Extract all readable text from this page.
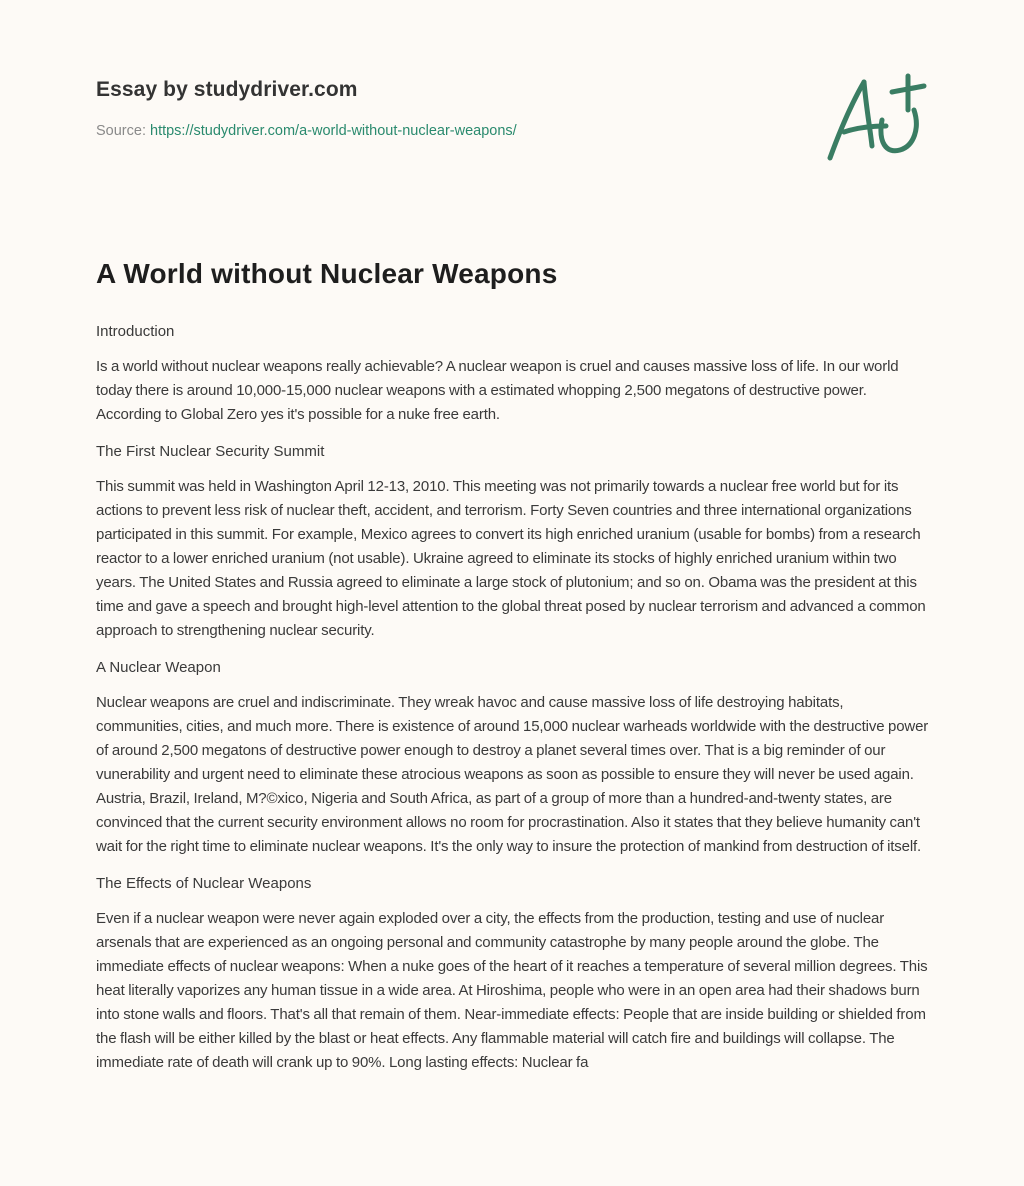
Essay by studydriver.com
Source: https://studydriver.com/a-world-without-nuclear-weapons/
A World without Nuclear Weapons

Introduction

Is a world without nuclear weapons really achievable? A nuclear weapon is cruel and causes massive loss of life. In our world today there is around 10,000-15,000 nuclear weapons with a estimated whopping 2,500 megatons of destructive power. According to Global Zero yes it's possible for a nuke free earth.

The First Nuclear Security Summit

This summit was held in Washington April 12-13, 2010. This meeting was not primarily towards a nuclear free world but for its actions to prevent less risk of nuclear theft, accident, and terrorism. Forty Seven countries and three international organizations participated in this summit. For example, Mexico agrees to convert its high enriched uranium (usable for bombs) from a research reactor to a lower enriched uranium (not usable). Ukraine agreed to eliminate its stocks of highly enriched uranium within two years. The United States and Russia agreed to eliminate a large stock of plutonium; and so on. Obama was the president at this time and gave a speech and brought high-level attention to the global threat posed by nuclear terrorism and advanced a common approach to strengthening nuclear security.

A Nuclear Weapon

Nuclear weapons are cruel and indiscriminate. They wreak havoc and cause massive loss of life destroying habitats, communities, cities, and much more. There is existence of around 15,000 nuclear warheads worldwide with the destructive power of around 2,500 megatons of destructive power enough to destroy a planet several times over. That is a big reminder of our vunerability and urgent need to eliminate these atrocious weapons as soon as possible to ensure they will never be used again. Austria, Brazil, Ireland, M?©xico, Nigeria and South Africa, as part of a group of more than a hundred-and-twenty states, are convinced that the current security environment allows no room for procrastination. Also it states that they believe humanity can't wait for the right time to eliminate nuclear weapons. It's the only way to insure the protection of mankind from destruction of itself.

The Effects of Nuclear Weapons

Even if a nuclear weapon were never again exploded over a city, the effects from the production, testing and use of nuclear arsenals that are experienced as an ongoing personal and community catastrophe by many people around the globe. The immediate effects of nuclear weapons: When a nuke goes of the heart of it reaches a temperature of several million degrees. This heat literally vaporizes any human tissue in a wide area. At Hiroshima, people who were in an open area had their shadows burn into stone walls and floors. That's all that remain of them. Near-immediate effects: People that are inside building or shielded from the flash will be either killed by the blast or heat effects. Any flammable material will catch fire and buildings will collapse. The immediate rate of death will crank up to 90%. Long lasting effects: Nuclear fa
